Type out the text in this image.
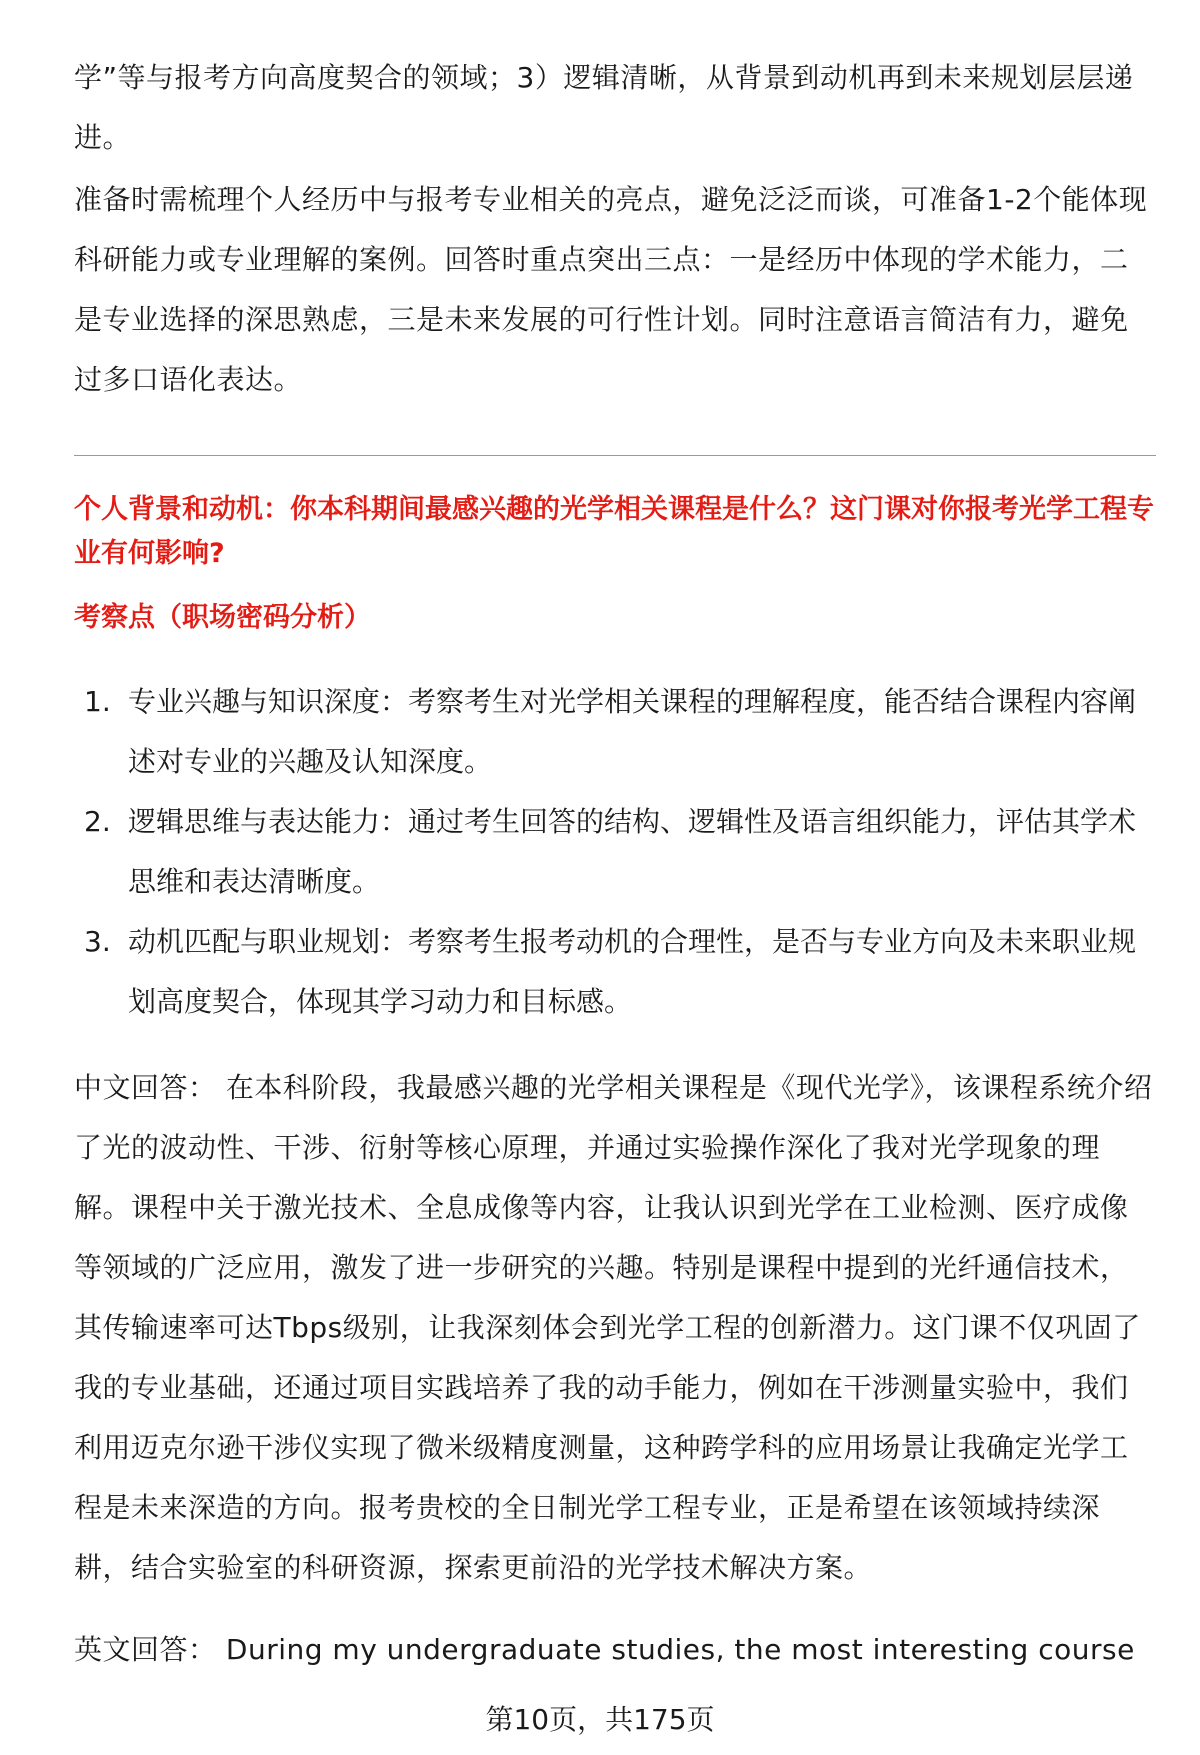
学”等与报考方向高度契合的领域；3）逻辑清晰，从背景到动机再到未来规划层层递进。

准备时需梳理个人经历中与报考专业相关的亮点，避免泛泛而谈，可准备1-2个能体现科研能力或专业理解的案例。回答时重点突出三点：一是经历中体现的学术能力，二是专业选择的深思熟虑，三是未来发展的可行性计划。同时注意语言简洁有力，避免过多口语化表达。

个人背景和动机：你本科期间最感兴趣的光学相关课程是什么？这门课对你报考光学工程专业有何影响?

考察点（职场密码分析）

1. 专业兴趣与知识深度：考察考生对光学相关课程的理解程度，能否结合课程内容阐述对专业的兴趣及认知深度。
2. 逻辑思维与表达能力：通过考生回答的结构、逻辑性及语言组织能力，评估其学术思维和表达清晰度。
3. 动机匹配与职业规划：考察考生报考动机的合理性，是否与专业方向及未来职业规划高度契合，体现其学习动力和目标感。

中文回答： 在本科阶段，我最感兴趣的光学相关课程是《现代光学》，该课程系统介绍了光的波动性、干涉、衍射等核心原理，并通过实验操作深化了我对光学现象的理解。课程中关于激光技术、全息成像等内容，让我认识到光学在工业检测、医疗成像等领域的广泛应用，激发了进一步研究的兴趣。特别是课程中提到的光纤通信技术，其传输速率可达Tbps级别，让我深刻体会到光学工程的创新潜力。这门课不仅巩固了我的专业基础，还通过项目实践培养了我的动手能力，例如在干涉测量实验中，我们利用迈克尔逊干涉仪实现了微米级精度测量，这种跨学科的应用场景让我确定光学工程是未来深造的方向。报考贵校的全日制光学工程专业，正是希望在该领域持续深耕，结合实验室的科研资源，探索更前沿的光学技术解决方案。

英文回答： During my undergraduate studies, the most interesting course

第10页，共175页
